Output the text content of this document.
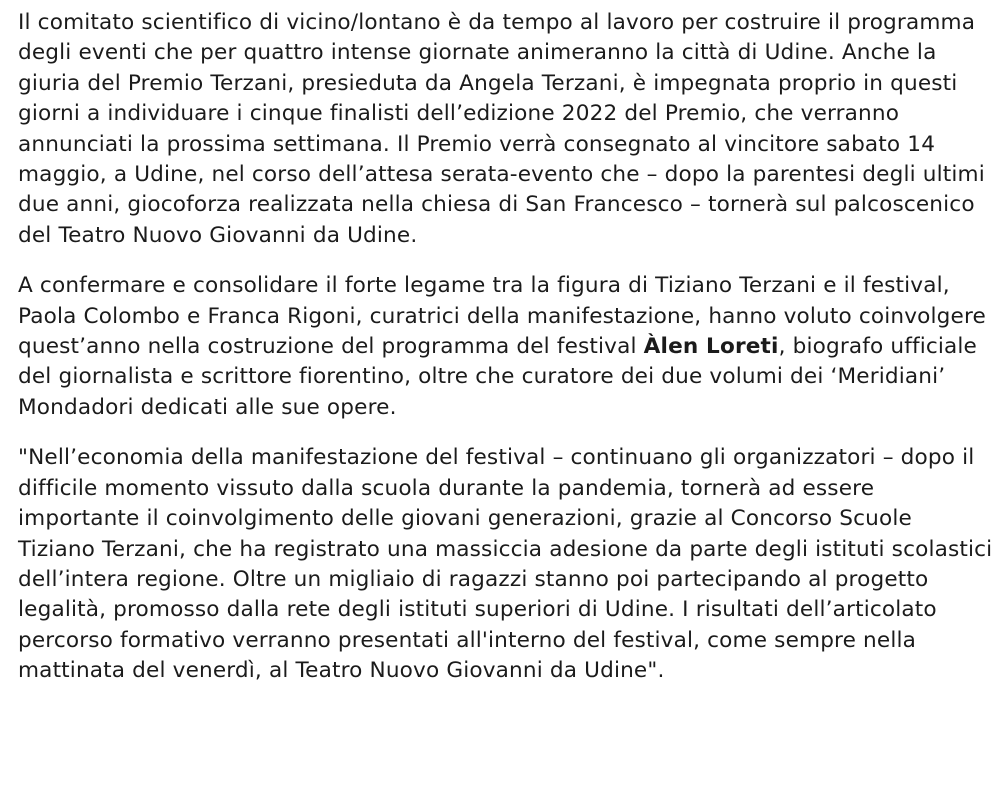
Il comitato scientifico di vicino/lontano è da tempo al lavoro per costruire il programma degli eventi che per quattro intense giornate animeranno la città di Udine. Anche la giuria del Premio Terzani, presieduta da Angela Terzani, è impegnata proprio in questi giorni a individuare i cinque finalisti dell’edizione 2022 del Premio, che verranno annunciati la prossima settimana. Il Premio verrà consegnato al vincitore sabato 14 maggio, a Udine, nel corso dell’attesa serata-evento che – dopo la parentesi degli ultimi due anni, giocoforza realizzata nella chiesa di San Francesco – tornerà sul palcoscenico del Teatro Nuovo Giovanni da Udine.

A confermare e consolidare il forte legame tra la figura di Tiziano Terzani e il festival, Paola Colombo e Franca Rigoni, curatrici della manifestazione, hanno voluto coinvolgere quest’anno nella costruzione del programma del festival Àlen Loreti, biografo ufficiale del giornalista e scrittore fiorentino, oltre che curatore dei due volumi dei ‘Meridiani’ Mondadori dedicati alle sue opere.

"Nell’economia della manifestazione del festival – continuano gli organizzatori – dopo il difficile momento vissuto dalla scuola durante la pandemia, tornerà ad essere importante il coinvolgimento delle giovani generazioni, grazie al Concorso Scuole Tiziano Terzani, che ha registrato una massiccia adesione da parte degli istituti scolastici dell’intera regione. Oltre un migliaio di ragazzi stanno poi partecipando al progetto legalità, promosso dalla rete degli istituti superiori di Udine. I risultati dell’articolato percorso formativo verranno presentati all'interno del festival, come sempre nella mattinata del venerdì, al Teatro Nuovo Giovanni da Udine".
